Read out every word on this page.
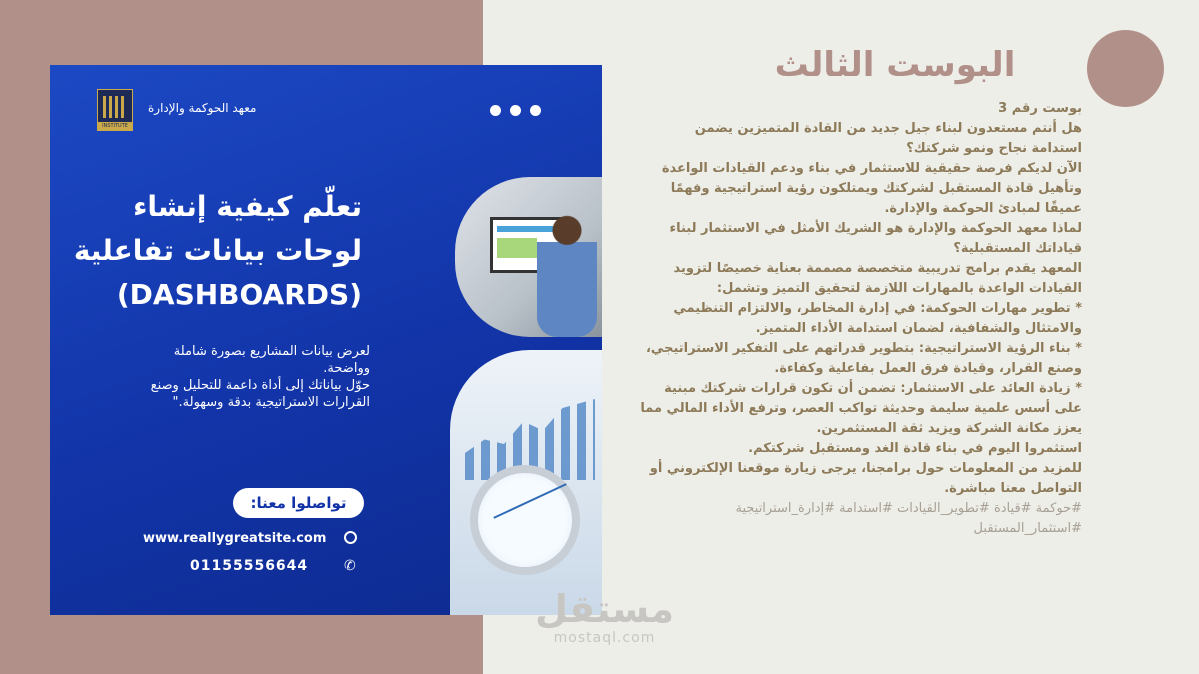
INSTITUTE
معهد الحوكمة والإدارة
تعلّم كيفية إنشاء
لوحات بيانات تفاعلية
(DASHBOARDS)

لعرض بيانات المشاريع بصورة شاملة وواضحة.

حوّل بياناتك إلى أداة داعمة للتحليل وصنع القرارات الاستراتيجية بدقة وسهولة."

تواصلوا معنا:
www.reallygreatsite.com
01155556644	✆
البوست الثالث

بوست رقم 3

هل أنتم مستعدون لبناء جيل جديد من القادة المتميزين يضمن استدامة نجاح ونمو شركتك؟

الآن لديكم فرصة حقيقية للاستثمار في بناء ودعم القيادات الواعدة وتأهيل قادة المستقبل لشركتك ويمتلكون رؤية استراتيجية وفهمًا عميقًا لمبادئ الحوكمة والإدارة.

لماذا معهد الحوكمة والإدارة هو الشريك الأمثل في الاستثمار لبناء قياداتك المستقبلية؟

المعهد يقدم برامج تدريبية متخصصة مصممة بعناية خصيصًا لتزويد القيادات الواعدة بالمهارات اللازمة لتحقيق التميز وتشمل:

* تطوير مهارات الحوكمة: في إدارة المخاطر، والالتزام التنظيمي والامتثال والشفافية، لضمان استدامة الأداء المتميز.

* بناء الرؤية الاستراتيجية: بتطوير قدراتهم على التفكير الاستراتيجي، وصنع القرار، وقيادة فرق العمل بفاعلية وكفاءة.

* زيادة العائد على الاستثمار: تضمن أن تكون قرارات شركتك مبنية على أسس علمية سليمة وحديثة تواكب العصر، وترفع الأداء المالي مما يعزز مكانة الشركة ويزيد ثقة المستثمرين.

استثمروا اليوم في بناء قادة الغد ومستقبل شركتكم.

للمزيد من المعلومات حول برامجنا، يرجى زيارة موقعنا الإلكتروني أو التواصل معنا مباشرة.

#حوكمة #قيادة #تطوير_القيادات #استدامة #إدارة_استراتيجية #استثمار_المستقبل

مستقل
mostaql.com
